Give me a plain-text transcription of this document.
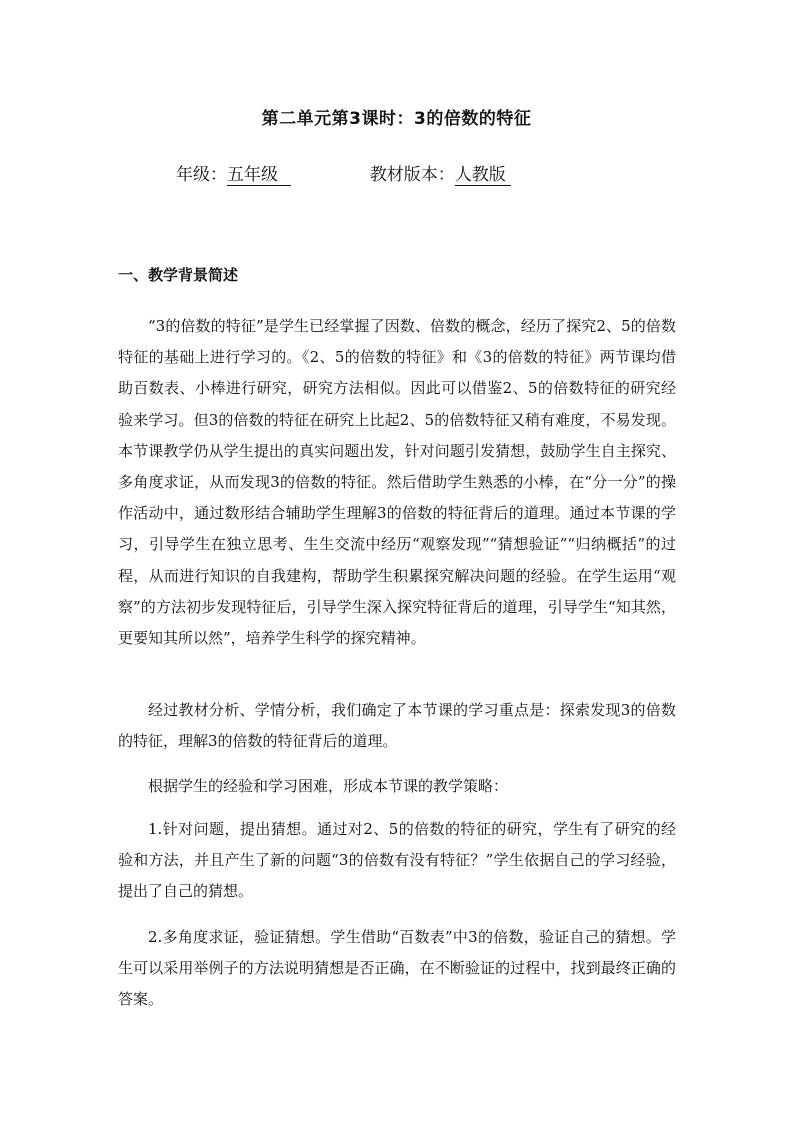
第二单元第3课时：3的倍数的特征
年级：五年级	教材版本：人教版
一、教学背景简述

“3的倍数的特征”是学生已经掌握了因数、倍数的概念，经历了探究2、5的倍数特征的基础上进行学习的。《2、5的倍数的特征》和《3的倍数的特征》两节课均借助百数表、小棒进行研究，研究方法相似。因此可以借鉴2、5的倍数特征的研究经验来学习。但3的倍数的特征在研究上比起2、5的倍数特征又稍有难度，不易发现。本节课教学仍从学生提出的真实问题出发，针对问题引发猜想，鼓励学生自主探究、多角度求证，从而发现3的倍数的特征。然后借助学生熟悉的小棒，在“分一分”的操作活动中，通过数形结合辅助学生理解3的倍数的特征背后的道理。通过本节课的学习，引导学生在独立思考、生生交流中经历“观察发现”“猜想验证”“归纳概括”的过程，从而进行知识的自我建构，帮助学生积累探究解决问题的经验。在学生运用“观察”的方法初步发现特征后，引导学生深入探究特征背后的道理，引导学生“知其然，更要知其所以然”，培养学生科学的探究精神。

经过教材分析、学情分析，我们确定了本节课的学习重点是：探索发现3的倍数的特征，理解3的倍数的特征背后的道理。

根据学生的经验和学习困难，形成本节课的教学策略：

1.针对问题，提出猜想。通过对2、5的倍数的特征的研究，学生有了研究的经验和方法，并且产生了新的问题“3的倍数有没有特征？”学生依据自己的学习经验，提出了自己的猜想。

2.多角度求证，验证猜想。学生借助“百数表”中3的倍数，验证自己的猜想。学生可以采用举例子的方法说明猜想是否正确，在不断验证的过程中，找到最终正确的答案。
